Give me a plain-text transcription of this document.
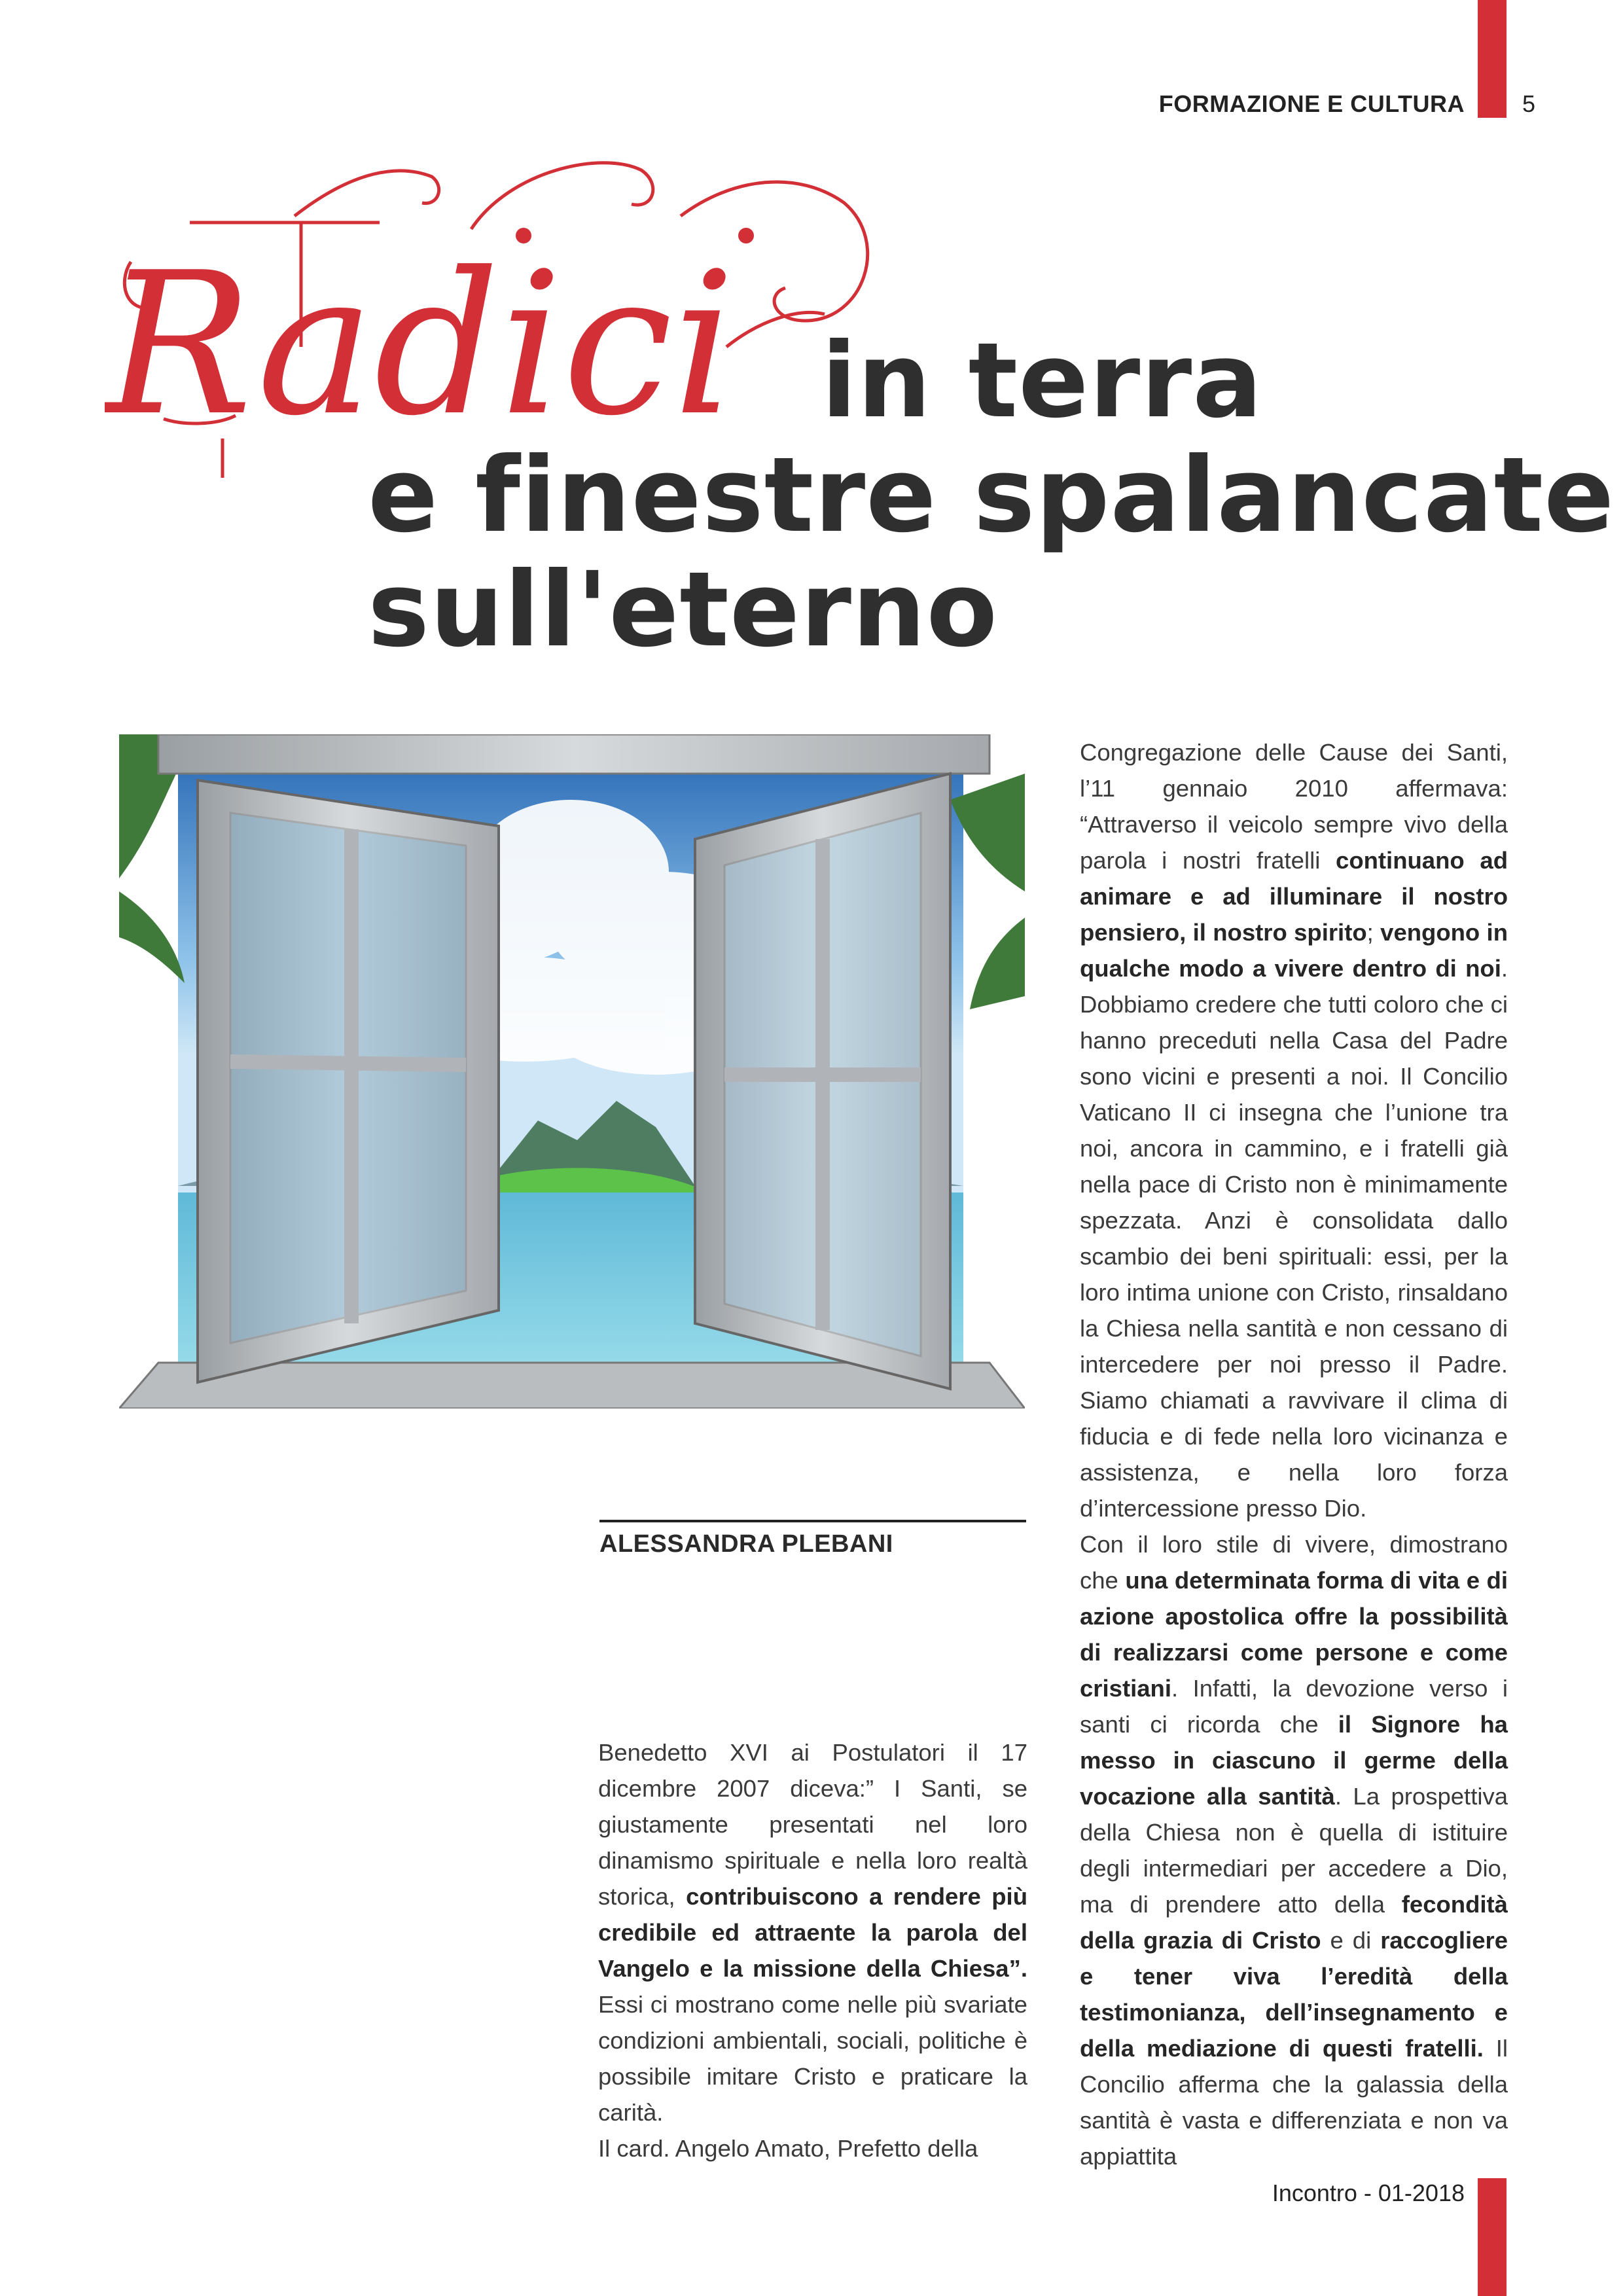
FORMAZIONE E CULTURA 5
Radici in terra
e finestre spalancate
sull'eterno
ALESSANDRA PLEBANI

Benedetto XVI ai Postulatori il 17 dicembre 2007 diceva:” I Santi, se giustamente presentati nel loro dinamismo spirituale e nella loro realtà storica, contribuiscono a rendere più credibile ed attraente la parola del Vangelo e la missione della Chiesa”. Essi ci mostrano come nelle più svariate condizioni ambientali, sociali, politiche è possibile imitare Cristo e praticare la carità.

Il card. Angelo Amato, Prefetto della

Congregazione delle Cause dei Santi, l’11 gennaio 2010 affermava: “Attraverso il veicolo sempre vivo della parola i nostri fratelli continuano ad animare e ad illuminare il nostro pensiero, il nostro spirito; vengono in qualche modo a vivere dentro di noi. Dobbiamo credere che tutti coloro che ci hanno preceduti nella Casa del Padre sono vicini e presenti a noi. Il Concilio Vaticano II ci insegna che l’unione tra noi, ancora in cammino, e i fratelli già nella pace di Cristo non è minimamente spezzata. Anzi è consolidata dallo scambio dei beni spirituali: essi, per la loro intima unione con Cristo, rinsaldano la Chiesa nella santità e non cessano di intercedere per noi presso il Padre. Siamo chiamati a ravvivare il clima di fiducia e di fede nella loro vicinanza e assistenza, e nella loro forza d’intercessione presso Dio.

Con il loro stile di vivere, dimostrano che una determinata forma di vita e di azione apostolica offre la possibilità di realizzarsi come persone e come cristiani. Infatti, la devozione verso i santi ci ricorda che il Signore ha messo in ciascuno il germe della vocazione alla santità. La prospettiva della Chiesa non è quella di istituire degli intermediari per accedere a Dio, ma di prendere atto della fecondità della grazia di Cristo e di raccogliere e tener viva l’eredità della testimonianza, dell’insegnamento e della mediazione di questi fratelli. Il Concilio afferma che la galassia della santità è vasta e differenziata e non va appiattita

Incontro - 01-2018
